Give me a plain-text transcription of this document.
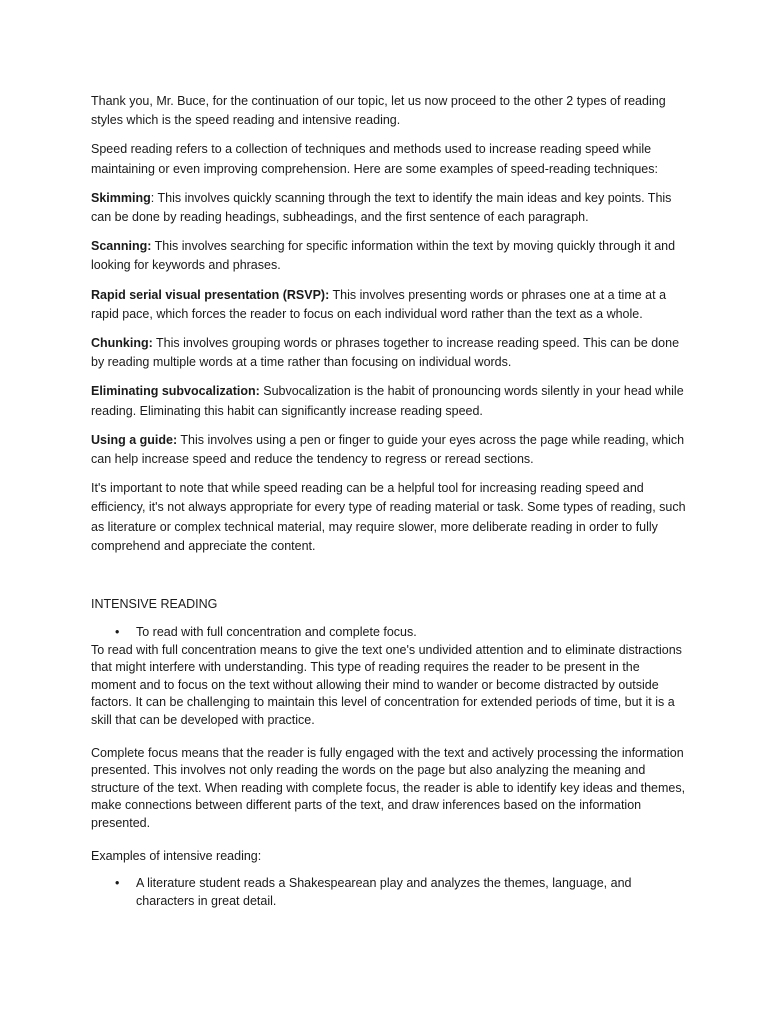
Thank you, Mr. Buce, for the continuation of our topic, let us now proceed to the other 2 types of reading styles which is the speed reading and intensive reading.

Speed reading refers to a collection of techniques and methods used to increase reading speed while maintaining or even improving comprehension. Here are some examples of speed-reading techniques:

Skimming: This involves quickly scanning through the text to identify the main ideas and key points. This can be done by reading headings, subheadings, and the first sentence of each paragraph.

Scanning: This involves searching for specific information within the text by moving quickly through it and looking for keywords and phrases.

Rapid serial visual presentation (RSVP): This involves presenting words or phrases one at a time at a rapid pace, which forces the reader to focus on each individual word rather than the text as a whole.

Chunking: This involves grouping words or phrases together to increase reading speed. This can be done by reading multiple words at a time rather than focusing on individual words.

Eliminating subvocalization: Subvocalization is the habit of pronouncing words silently in your head while reading. Eliminating this habit can significantly increase reading speed.

Using a guide: This involves using a pen or finger to guide your eyes across the page while reading, which can help increase speed and reduce the tendency to regress or reread sections.

It's important to note that while speed reading can be a helpful tool for increasing reading speed and efficiency, it's not always appropriate for every type of reading material or task. Some types of reading, such as literature or complex technical material, may require slower, more deliberate reading in order to fully comprehend and appreciate the content.

INTENSIVE READING

•	To read with full concentration and complete focus.

To read with full concentration means to give the text one's undivided attention and to eliminate distractions that might interfere with understanding. This type of reading requires the reader to be present in the moment and to focus on the text without allowing their mind to wander or become distracted by outside factors. It can be challenging to maintain this level of concentration for extended periods of time, but it is a skill that can be developed with practice.

Complete focus means that the reader is fully engaged with the text and actively processing the information presented. This involves not only reading the words on the page but also analyzing the meaning and structure of the text. When reading with complete focus, the reader is able to identify key ideas and themes, make connections between different parts of the text, and draw inferences based on the information presented.

Examples of intensive reading:

•	A literature student reads a Shakespearean play and analyzes the themes, language, and characters in great detail.
